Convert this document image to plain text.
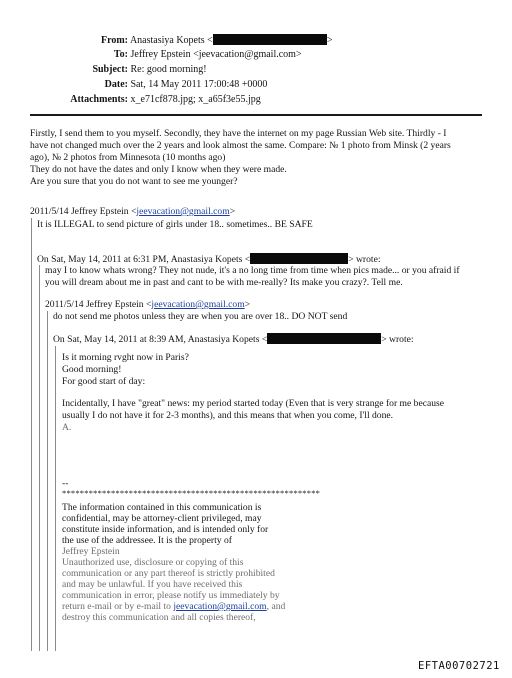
From: Anastasiya Kopets <	>
To: Jeffrey Epstein <jeevacation@gmail.com>
Subject: Re: good morning!
Date: Sat, 14 May 2011 17:00:48 +0000
Attachments: x_e71cf878.jpg; x_a65f3e55.jpg
Firstly, I send them to you myself. Secondly, they have the internet on my page Russian Web site. Thirdly - I
have not changed much over the 2 years and look almost the same. Compare: № 1 photo from Minsk (2 years
ago), № 2 photos from Minnesota (10 months ago)
They do not have the dates and only I know when they were made.
Are you sure that you do not want to see me younger?
2011/5/14 Jeffrey Epstein <jeevacation@gmail.com>
It is ILLEGAL to send picture of girls under 18.. sometimes.. BE SAFE
On Sat, May 14, 2011 at 6:31 PM, Anastasiya Kopets <	> wrote:
may I to know whats wrong? They not nude, it's a no long time from time when pics made... or you afraid if
you will dream about me in past and cant to be with me-really? Its make you crazy?. Tell me.
2011/5/14 Jeffrey Epstein <jeevacation@gmail.com>
do not send me photos unless they are when you are over 18.. DO NOT send
On Sat, May 14, 2011 at 8:39 AM, Anastasiya Kopets <	> wrote:
Is it morning rvght now in Paris?
Good morning!
For good start of day:
Incidentally, I have "great" news: my period started today (Even that is very strange for me because
usually I do not have it for 2-3 months), and this means that when you come, I'll done.
A.
--
**********************************************************
The information contained in this communication is
confidential, may be attorney-client privileged, may
constitute inside information, and is intended only for
the use of the addressee. It is the property of
Jeffrey Epstein
Unauthorized use, disclosure or copying of this
communication or any part thereof is strictly prohibited
and may be unlawful. If you have received this
communication in error, please notify us immediately by
return e-mail or by e-mail to jeevacation@gmail.com, and
destroy this communication and all copies thereof,
EFTA00702721
